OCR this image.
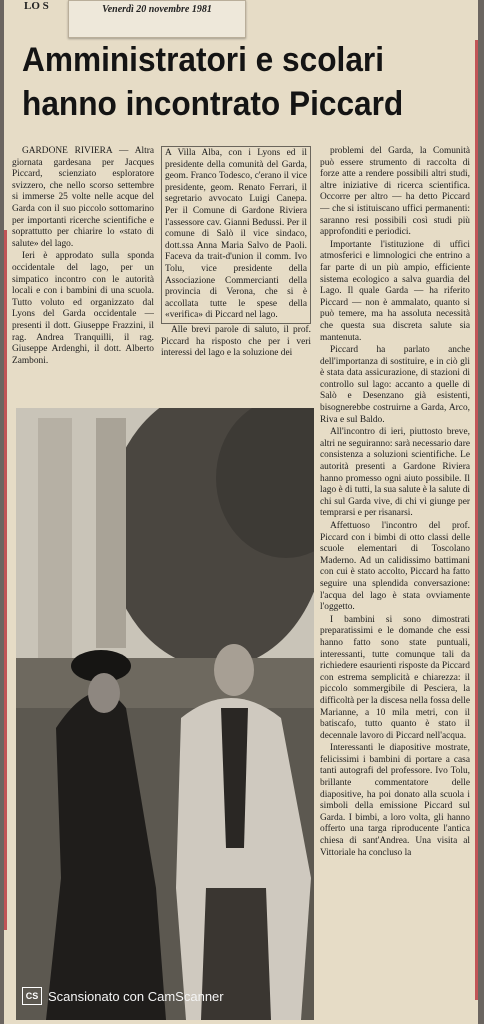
LO S	Venerdì 20 novembre 1981
Amministratori e scolari
hanno incontrato Piccard

GARDONE RIVIERA — Altra giornata gardesana per Jacques Piccard, scienziato esploratore svizzero, che nello scorso settembre si immerse 25 volte nelle acque del Garda con il suo piccolo sottomarino per importanti ricerche scientifiche e soprattutto per chiarire lo «stato di salute» del lago.

Ieri è approdato sulla sponda occidentale del lago, per un simpatico incontro con le autorità locali e con i bambini di una scuola. Tutto voluto ed organizzato dal Lyons del Garda occidentale — presenti il dott. Giuseppe Frazzini, il rag. Andrea Tranquilli, il rag. Giuseppe Ardenghi, il dott. Alberto Zamboni.

A Villa Alba, con i Lyons ed il presidente della comunità del Garda, geom. Franco Todesco, c'erano il vice presidente, geom. Renato Ferrari, il segretario avvocato Luigi Canepa. Per il Comune di Gardone Riviera l'assessore cav. Gianni Bedussi. Per il comune di Salò il vice sindaco, dott.ssa Anna Maria Salvo de Paoli. Faceva da trait-d'union il comm. Ivo Tolu, vice presidente della Associazione Commercianti della provincia di Verona, che si è accollata tutte le spese della «verifica» di Piccard nel lago.

Alle brevi parole di saluto, il prof. Piccard ha risposto che per i veri interessi del lago e la soluzione dei

problemi del Garda, la Comunità può essere strumento di raccolta di forze atte a rendere possibili altri studi, altre iniziative di ricerca scientifica. Occorre per altro — ha detto Piccard — che si istituiscano uffici permanenti: saranno resi possibili così studi più approfonditi e periodici.

Importante l'istituzione di uffici atmosferici e limnologici che entrino a far parte di un più ampio, efficiente sistema ecologico a salva guardia del Lago. Il quale Garda — ha riferito Piccard — non è ammalato, quanto si può temere, ma ha assoluta necessità che questa sua discreta salute sia mantenuta.

Piccard ha parlato anche dell'importanza di sostituire, e in ciò gli è stata data assicurazione, di stazioni di controllo sul lago: accanto a quelle di Salò e Desenzano già esistenti, bisognerebbe costruirne a Garda, Arco, Riva e sul Baldo.

All'incontro di ieri, piuttosto breve, altri ne seguiranno: sarà necessario dare consistenza a soluzioni scientifiche. Le autorità presenti a Gardone Riviera hanno promesso ogni aiuto possibile. Il lago è di tutti, la sua salute è la salute di chi sul Garda vive, di chi vi giunge per temprarsi e per risanarsi.

Affettuoso l'incontro del prof. Piccard con i bimbi di otto classi delle scuole elementari di Toscolano Maderno. Ad un calidissimo battimani con cui è stato accolto, Piccard ha fatto seguire una splendida conversazione: l'acqua del lago è stata ovviamente l'oggetto.

I bambini si sono dimostrati preparatissimi e le domande che essi hanno fatto sono state puntuali, interessanti, tutte comunque tali da richiedere esaurienti risposte da Piccard con estrema semplicità e chiarezza: il piccolo sommergibile di Pesciera, la difficoltà per la discesa nella fossa delle Marianne, a 10 mila metri, con il batiscafo, tutto quanto è stato il decennale lavoro di Piccard nell'acqua.

Interessanti le diapositive mostrate, felicissimi i bambini di portare a casa tanti autografi del professore. Ivo Tolu, brillante commentatore delle diapositive, ha poi donato alla scuola i simboli della emissione Piccard sul Garda. I bimbi, a loro volta, gli hanno offerto una targa riproducente l'antica chiesa di sant'Andrea. Una visita al Vittoriale ha concluso la

CS Scansionato con CamScanner
